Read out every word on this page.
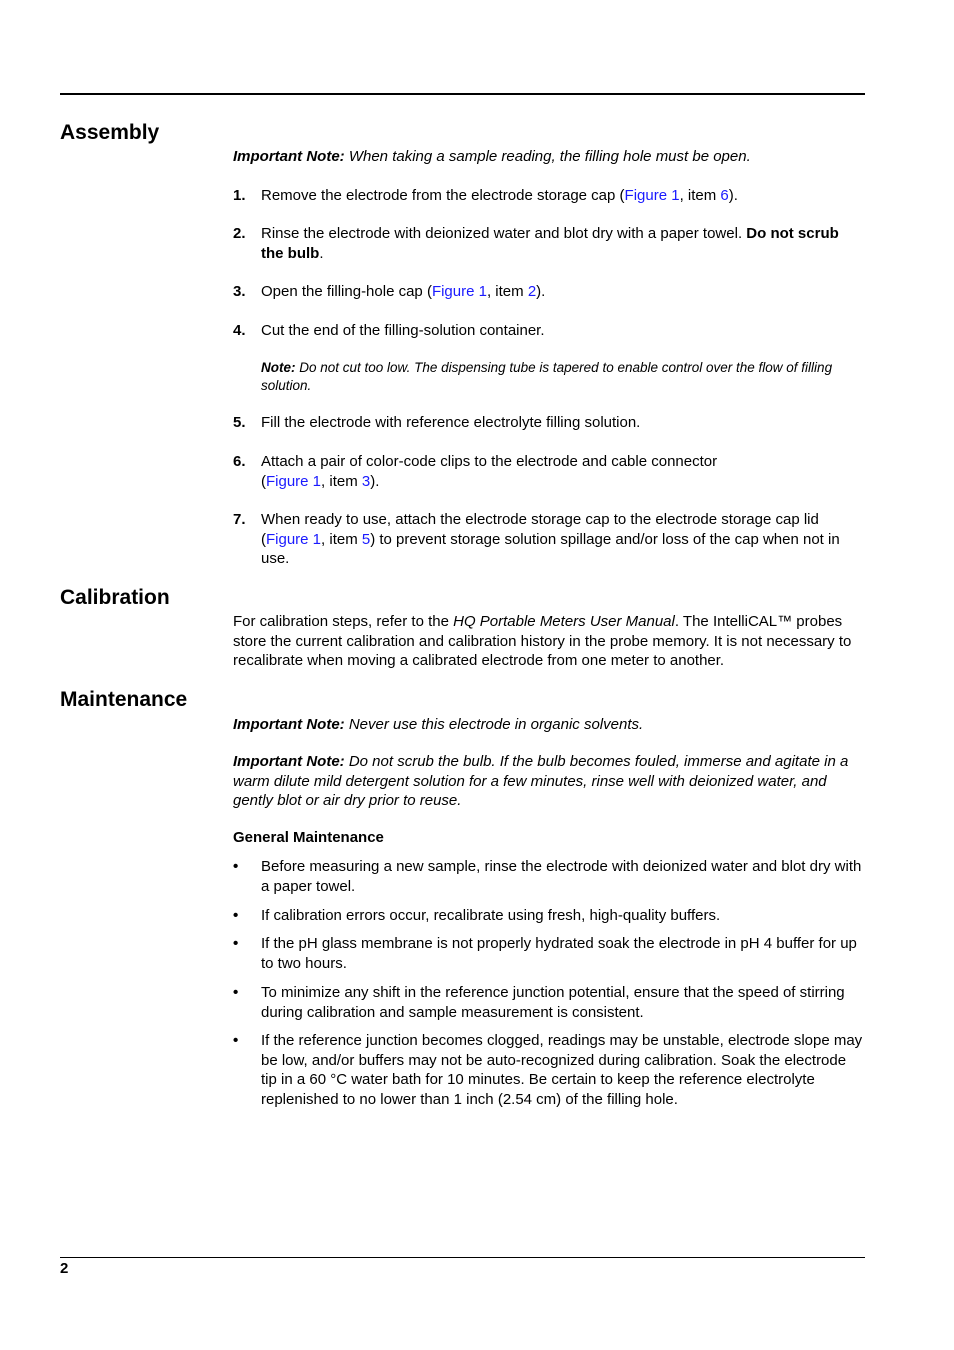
Assembly

Important Note: When taking a sample reading, the filling hole must be open.

1.	Remove the electrode from the electrode storage cap (Figure 1, item 6).
2.	Rinse the electrode with deionized water and blot dry with a paper towel. Do not scrub the bulb.
3.	Open the filling-hole cap (Figure 1, item 2).
4.	Cut the end of the filling-solution container.
Note: Do not cut too low. The dispensing tube is tapered to enable control over the flow of filling solution.
5.	Fill the electrode with reference electrolyte filling solution.
6.	Attach a pair of color-code clips to the electrode and cable connector
(Figure 1, item 3).
7.	When ready to use, attach the electrode storage cap to the electrode storage cap lid (Figure 1, item 5) to prevent storage solution spillage and/or loss of the cap when not in use.
Calibration

For calibration steps, refer to the HQ Portable Meters User Manual. The IntelliCAL™ probes store the current calibration and calibration history in the probe memory. It is not necessary to recalibrate when moving a calibrated electrode from one meter to another.

Maintenance

Important Note: Never use this electrode in organic solvents.

Important Note: Do not scrub the bulb. If the bulb becomes fouled, immerse and agitate in a warm dilute mild detergent solution for a few minutes, rinse well with deionized water, and gently blot or air dry prior to reuse.

General Maintenance
• Before measuring a new sample, rinse the electrode with deionized water and blot dry with a paper towel.
• If calibration errors occur, recalibrate using fresh, high-quality buffers.
• If the pH glass membrane is not properly hydrated soak the electrode in pH 4 buffer for up to two hours.
• To minimize any shift in the reference junction potential, ensure that the speed of stirring during calibration and sample measurement is consistent.
• If the reference junction becomes clogged, readings may be unstable, electrode slope may be low, and/or buffers may not be auto-recognized during calibration. Soak the electrode tip in a 60 °C water bath for 10 minutes. Be certain to keep the reference electrolyte replenished to no lower than 1 inch (2.54 cm) of the filling hole.
2
